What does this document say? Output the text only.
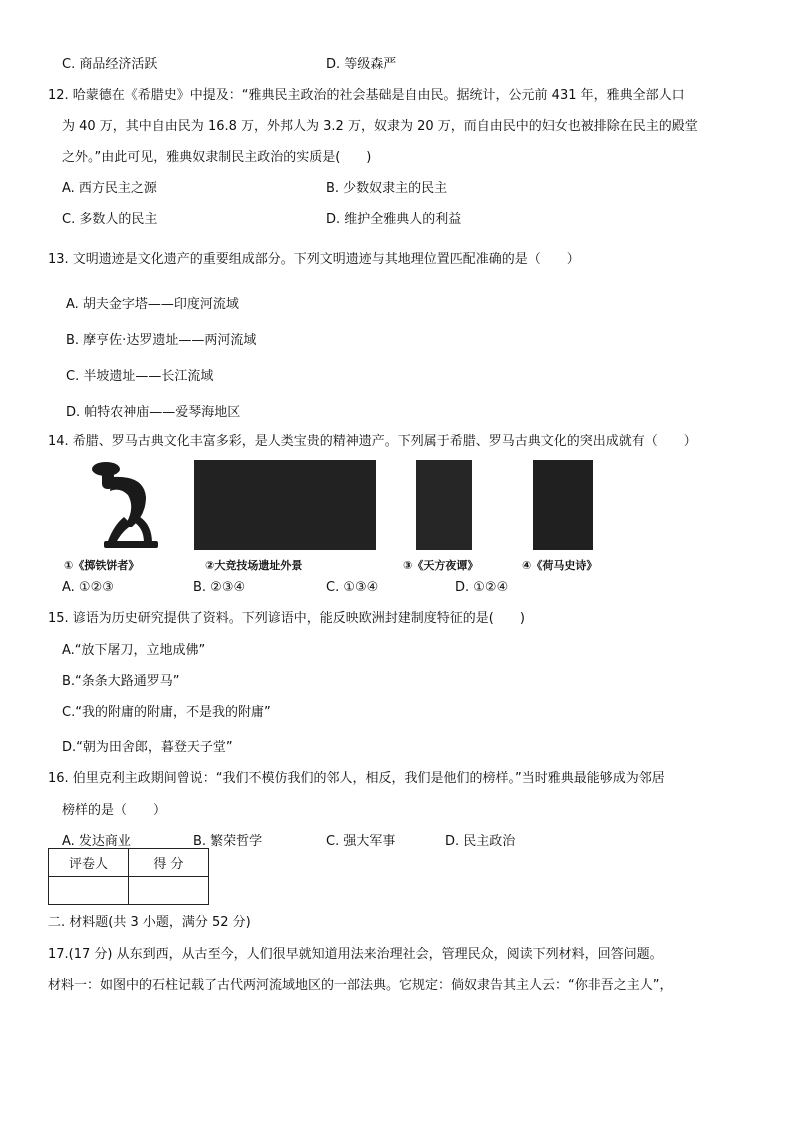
C. 商品经济活跃	D. 等级森严
12. 哈蒙德在《希腊史》中提及：“雅典民主政治的社会基础是自由民。据统计，公元前 431 年，雅典全部人口
为 40 万，其中自由民为 16.8 万，外邦人为 3.2 万，奴隶为 20 万，而自由民中的妇女也被排除在民主的殿堂
之外。”由此可见，雅典奴隶制民主政治的实质是(　　)
A. 西方民主之源	B. 少数奴隶主的民主
C. 多数人的民主	D. 维护全雅典人的利益
13. 文明遗迹是文化遗产的重要组成部分。下列文明遗迹与其地理位置匹配准确的是（　　）
A. 胡夫金字塔——印度河流域
B. 摩亨佐·达罗遗址——两河流域
C. 半坡遗址——长江流域
D. 帕特农神庙——爱琴海地区
14. 希腊、罗马古典文化丰富多彩，是人类宝贵的精神遗产。下列属于希腊、罗马古典文化的突出成就有（　　）
①《掷铁饼者》	②大竞技场遗址外景	③《天方夜谭》	④《荷马史诗》
A. ①②③	B. ②③④	C. ①③④	D. ①②④
15. 谚语为历史研究提供了资料。下列谚语中，能反映欧洲封建制度特征的是(　　)
A.“放下屠刀，立地成佛”
B.“条条大路通罗马”
C.“我的附庸的附庸，不是我的附庸”
D.“朝为田舍郎，暮登天子堂”
16. 伯里克利主政期间曾说：“我们不模仿我们的邻人，相反，我们是他们的榜样。”当时雅典最能够成为邻居
榜样的是（　　）
A. 发达商业	B. 繁荣哲学	C. 强大军事	D. 民主政治
评卷人	得 分

二. 材料题(共 3 小题，满分 52 分)
17.(17 分) 从东到西，从古至今，人们很早就知道用法来治理社会，管理民众，阅读下列材料，回答问题。
材料一：如图中的石柱记载了古代两河流域地区的一部法典。它规定：倘奴隶告其主人云：“你非吾之主人”，
